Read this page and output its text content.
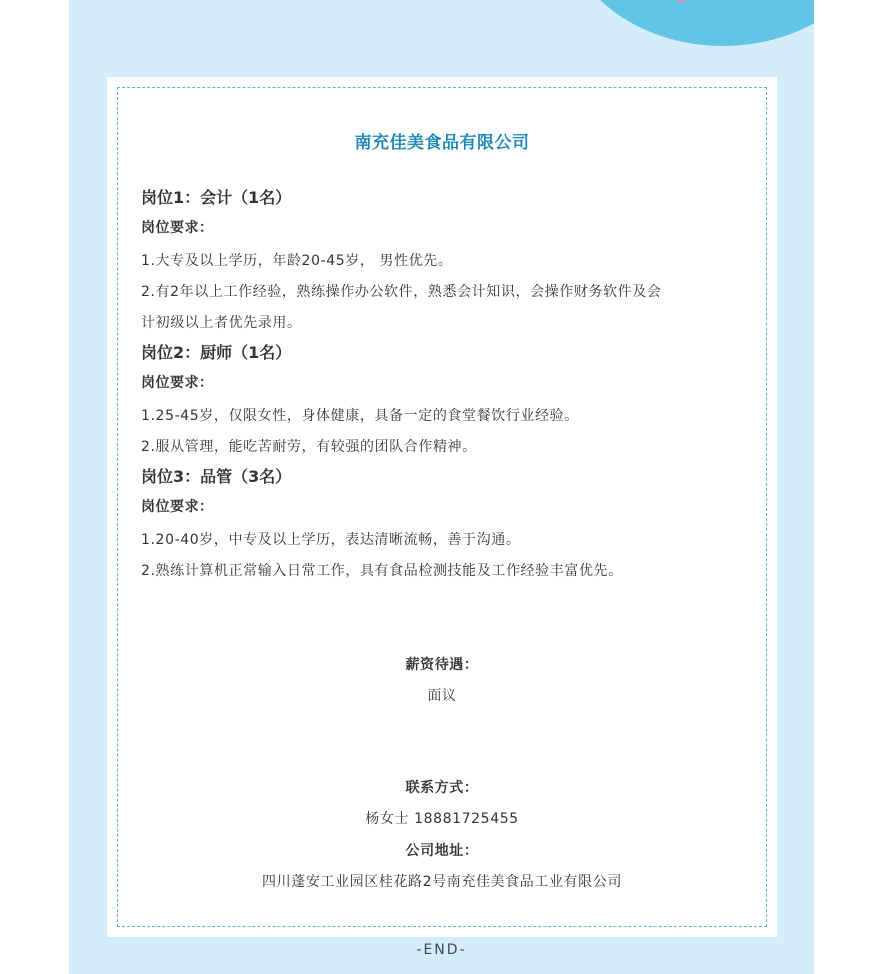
南充佳美食品有限公司
岗位1：会计（1名）
岗位要求：
1.大专及以上学历，年龄20-45岁， 男性优先。
2.有2年以上工作经验，熟练操作办公软件，熟悉会计知识，会操作财务软件及会
计初级以上者优先录用。
岗位2：厨师（1名）
岗位要求：
1.25-45岁，仅限女性，身体健康，具备一定的食堂餐饮行业经验。
2.服从管理，能吃苦耐劳，有较强的团队合作精神。
岗位3：品管（3名）
岗位要求：
1.20-40岁，中专及以上学历，表达清晰流畅，善于沟通。
2.熟练计算机正常输入日常工作，具有食品检测技能及工作经验丰富优先。
薪资待遇：
面议
联系方式：
杨女士 18881725455
公司地址：
四川蓬安工业园区桂花路2号南充佳美食品工业有限公司
-END-
